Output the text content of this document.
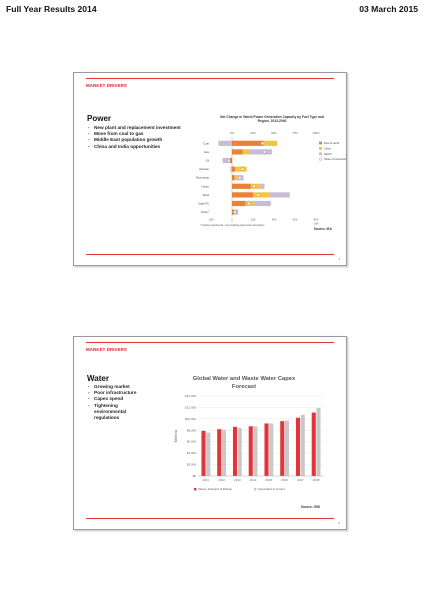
Full Year Results 2014	03 March 2015
MARKET DRIVERS
Power
- New plant and replacement investment
- Move from coal to gas
- Middle East population growth
- China and India opportunities
Net Change in World Power Generation Capacity by Fuel Type and Region, 2013-2040
0%	25%	50%	75%	100%
Coal
Gas
Oil
Nuclear
Bioenergy
Hydro
Wind
Solar PV
Other*
-200	0	200	400	600	800
GW
Rest of world
China
OECD
Share of total world capacity for OECD
* Includes geothermal, concentrating solar power and marine
Source: IEA
4
MARKET DRIVERS
Water
- Growing market
- Poor infrastructure
- Capex spend
- Tightening environmental regulations
Global Water and Waste Water Capex Forecast
$14,000
$12,000
$10,000
$8,000
$6,000
$4,000
$2,000
$0
$Millions
2011	2012	2013	2014	2015	2016	2017	2018
Valves, Actuators & Fittings	Automation & Control
Source: GWI
6
